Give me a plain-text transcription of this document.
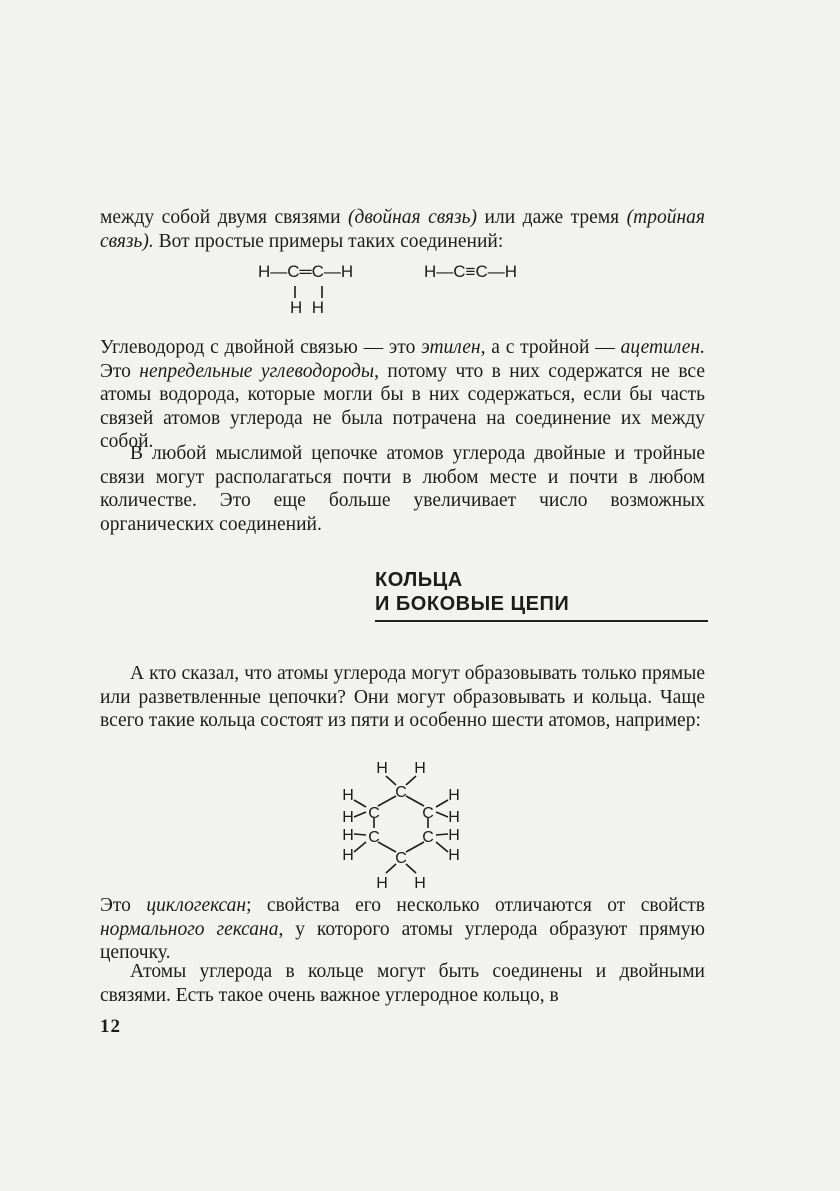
между собой двумя связями (двойная связь) или даже тремя (тройная связь). Вот простые примеры таких соединений:

H—C═C—H
H  H
H—C≡C—H

Углеводород с двойной связью — это этилен, а с тройной — ацетилен. Это непредельные углеводороды, потому что в них содержатся не все атомы водорода, которые могли бы в них содержаться, если бы часть связей атомов углерода не была потрачена на соединение их между собой.

В любой мыслимой цепочке атомов углерода двойные и тройные связи могут располагаться почти в любом месте и почти в любом количестве. Это еще больше увеличивает число возможных органических соединений.

КОЛЬЦА
И БОКОВЫЕ ЦЕПИ

А кто сказал, что атомы углерода могут образовывать только прямые или разветвленные цепочки? Они могут образовывать и кольца. Чаще всего такие кольца состоят из пяти и особенно шести атомов, например:

H H
C
H	H
H C	C H
H C	C H
H	C	H
H H

Это циклогексан; свойства его несколько отличаются от свойств нормального гексана, у которого атомы углерода образуют прямую цепочку.

Атомы углерода в кольце могут быть соединены и двойными связями. Есть такое очень важное углеродное кольцо, в

12
